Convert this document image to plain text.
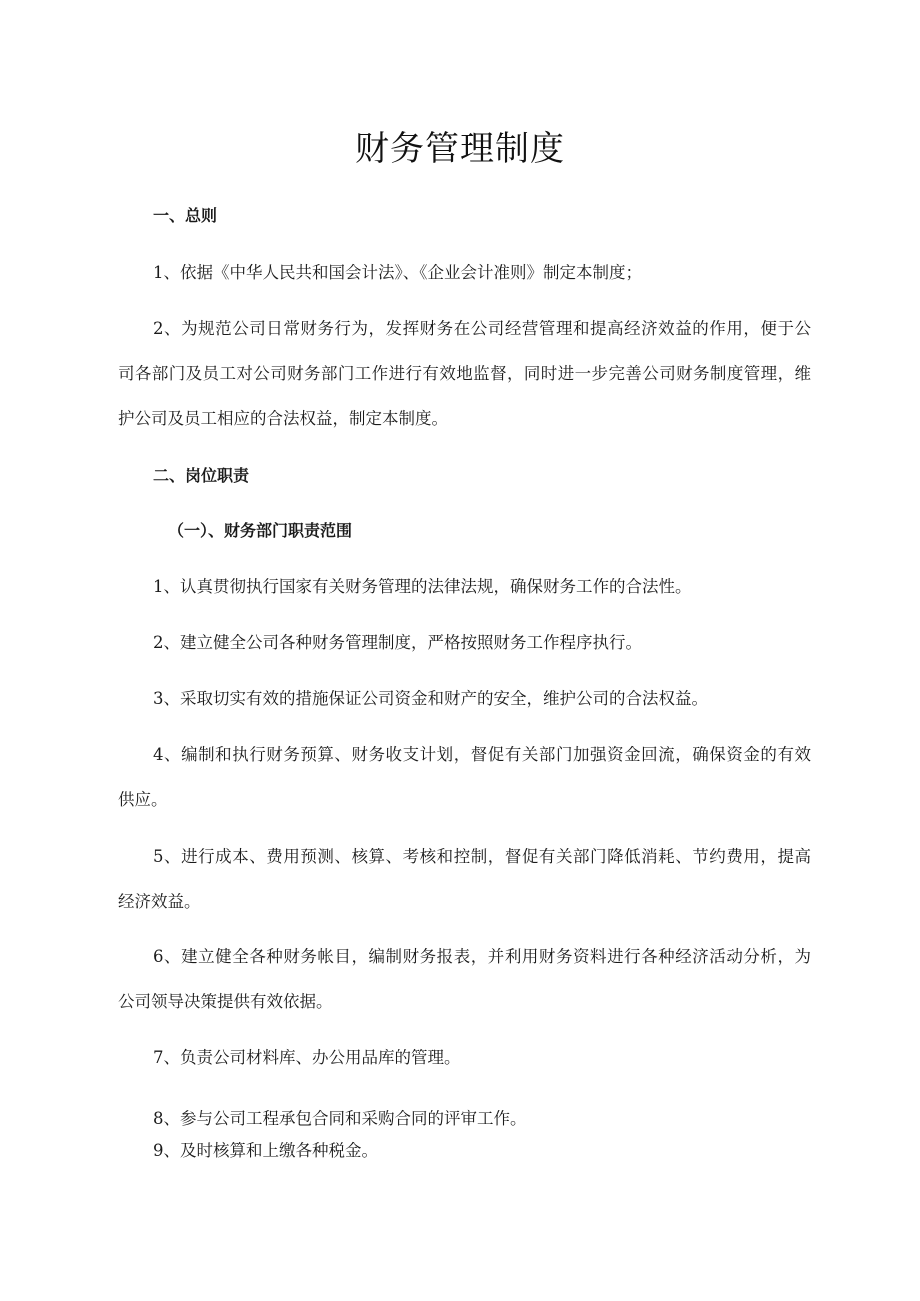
财务管理制度
一、总则
1、依据《中华人民共和国会计法》、《企业会计准则》制定本制度；
2、为规范公司日常财务行为，发挥财务在公司经营管理和提高经济效益的作用，便于公
司各部门及员工对公司财务部门工作进行有效地监督，同时进一步完善公司财务制度管理，维
护公司及员工相应的合法权益，制定本制度。
二、岗位职责
（一）、财务部门职责范围
1、认真贯彻执行国家有关财务管理的法律法规，确保财务工作的合法性。
2、建立健全公司各种财务管理制度，严格按照财务工作程序执行。
3、采取切实有效的措施保证公司资金和财产的安全，维护公司的合法权益。
4、编制和执行财务预算、财务收支计划，督促有关部门加强资金回流，确保资金的有效
供应。
5、进行成本、费用预测、核算、考核和控制，督促有关部门降低消耗、节约费用，提高
经济效益。
6、建立健全各种财务帐目，编制财务报表，并利用财务资料进行各种经济活动分析，为
公司领导决策提供有效依据。
7、负责公司材料库、办公用品库的管理。
8、参与公司工程承包合同和采购合同的评审工作。
9、及时核算和上缴各种税金。
